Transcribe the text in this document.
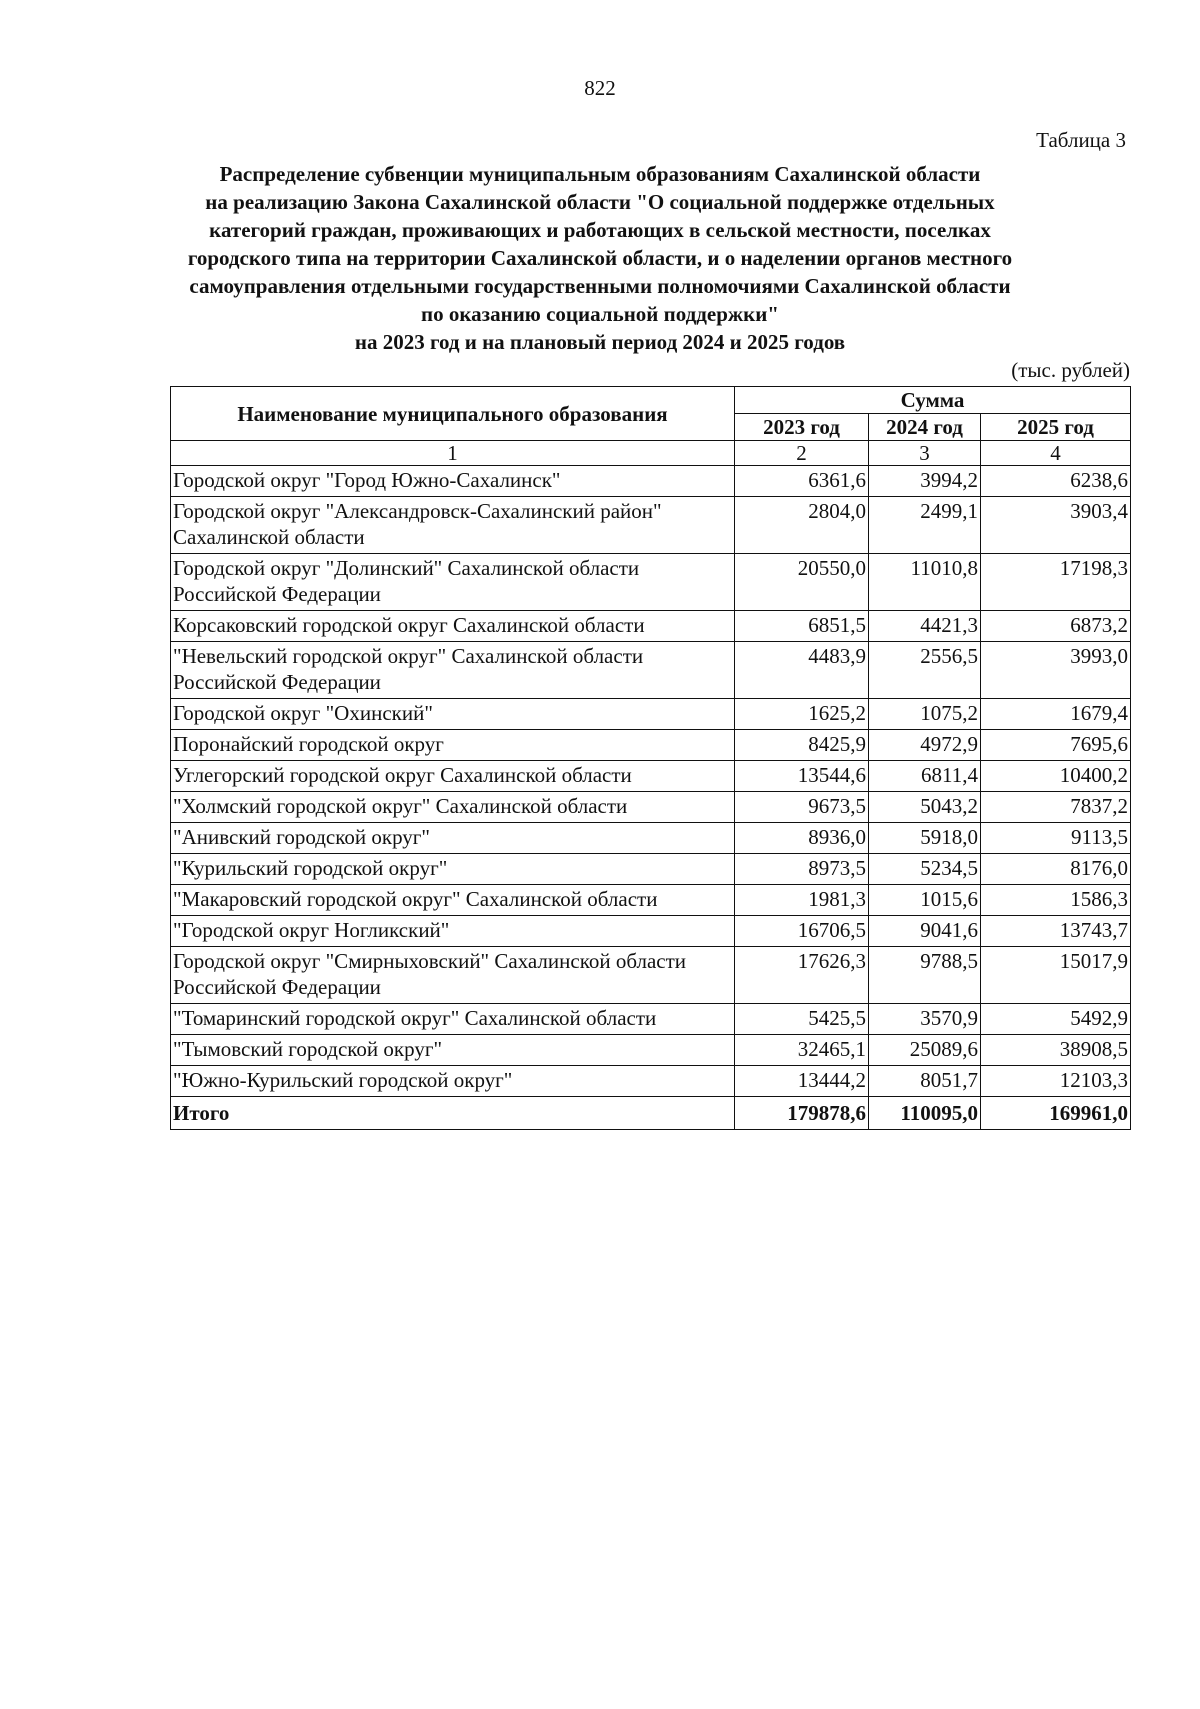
822
Таблица 3
Распределение субвенции муниципальным образованиям Сахалинской области
на реализацию Закона Сахалинской области "О социальной поддержке отдельных
категорий граждан, проживающих и работающих в сельской местности, поселках
городского типа на территории Сахалинской области, и о наделении органов местного
самоуправления отдельными государственными полномочиями Сахалинской области
по оказанию социальной поддержки"
на 2023 год и на плановый период 2024 и 2025 годов
(тыс. рублей)
Наименование муниципального образования	Сумма		
	2023 год	2024 год	2025 год
1	2	3	4
Городской округ "Город Южно-Сахалинск"	6361,6	3994,2	6238,6
Городской округ "Александровск-Сахалинский район" Сахалинской области	2804,0	2499,1	3903,4
Городской округ "Долинский" Сахалинской области Российской Федерации	20550,0	11010,8	17198,3
Корсаковский городской округ Сахалинской области	6851,5	4421,3	6873,2
"Невельский городской округ" Сахалинской области Российской Федерации	4483,9	2556,5	3993,0
Городской округ "Охинский"	1625,2	1075,2	1679,4
Поронайский городской округ	8425,9	4972,9	7695,6
Углегорский городской округ Сахалинской области	13544,6	6811,4	10400,2
"Холмский городской округ" Сахалинской области	9673,5	5043,2	7837,2
"Анивский городской округ"	8936,0	5918,0	9113,5
"Курильский городской округ"	8973,5	5234,5	8176,0
"Макаровский городской округ" Сахалинской области	1981,3	1015,6	1586,3
"Городской округ Ногликский"	16706,5	9041,6	13743,7
Городской округ "Смирныховский" Сахалинской области Российской Федерации	17626,3	9788,5	15017,9
"Томаринский городской округ" Сахалинской области	5425,5	3570,9	5492,9
"Тымовский городской округ"	32465,1	25089,6	38908,5
"Южно-Курильский городской округ"	13444,2	8051,7	12103,3
Итого	179878,6	110095,0	169961,0
